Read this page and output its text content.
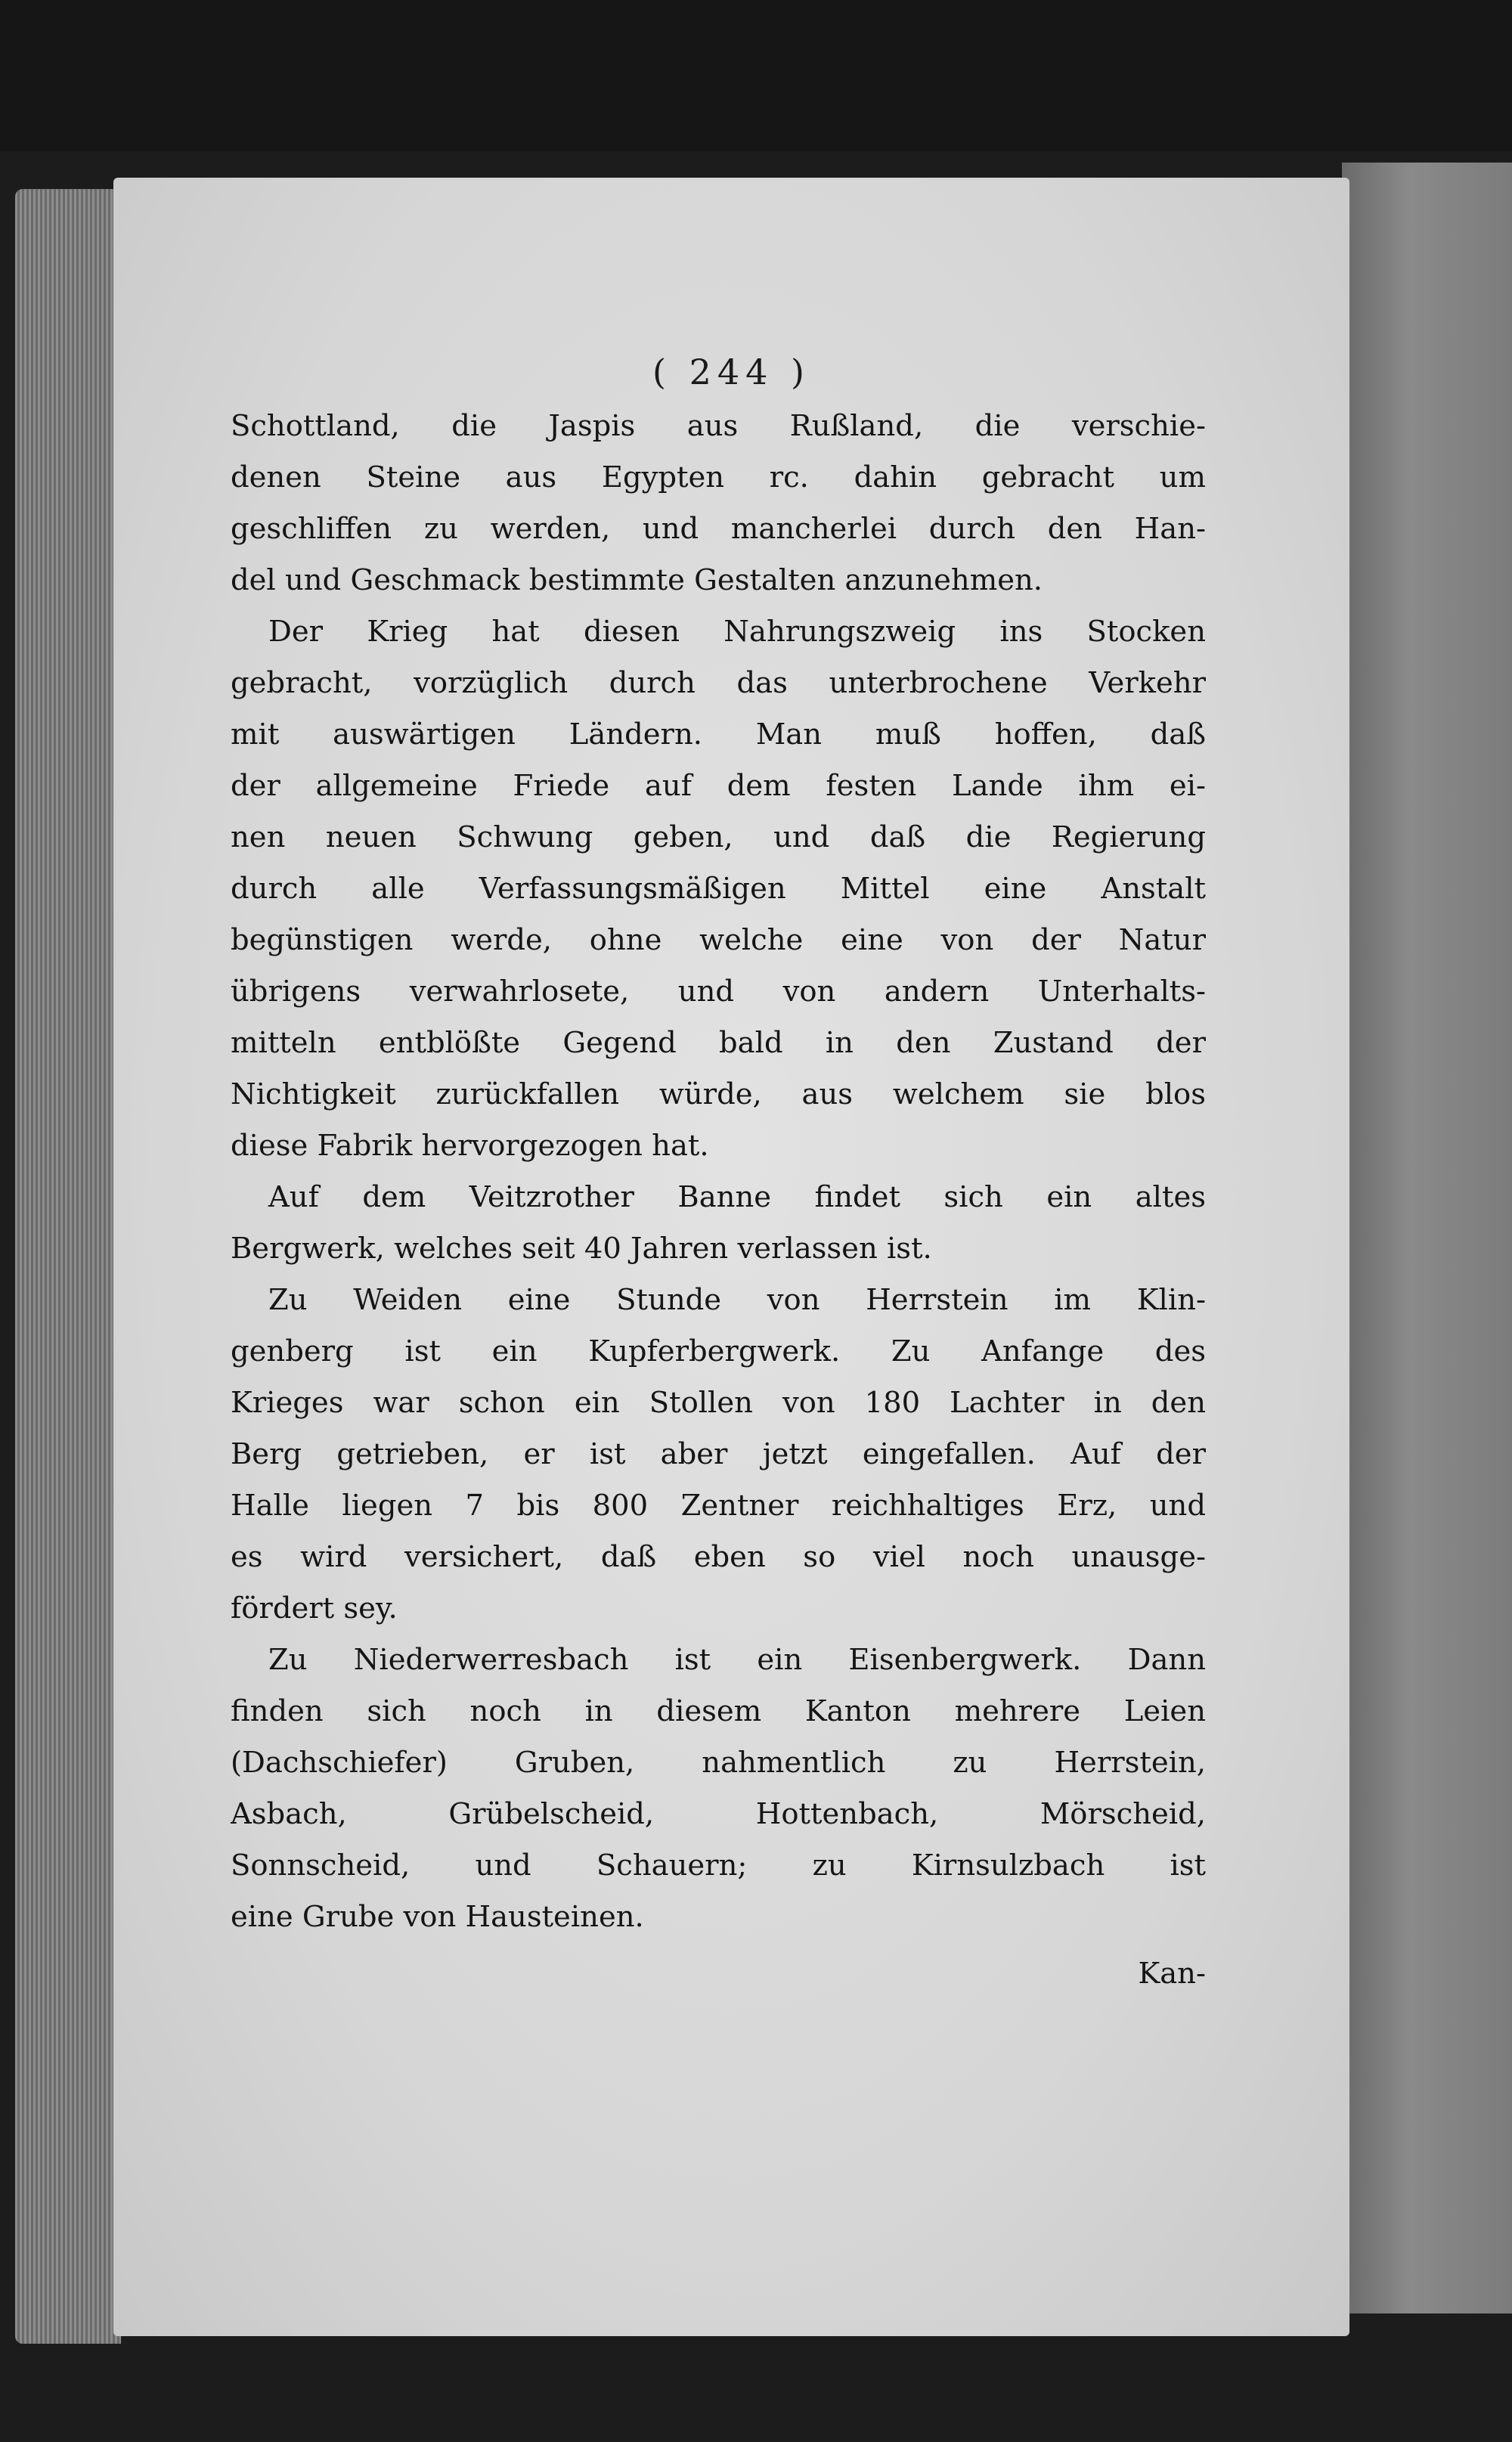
( 244 )
Schottland, die Jaspis aus Rußland, die verschie-
denen Steine aus Egypten rc. dahin gebracht um
geschliffen zu werden, und mancherlei durch den Han-
del und Geschmack bestimmte Gestalten anzunehmen.
Der Krieg hat diesen Nahrungszweig ins Stocken
gebracht, vorzüglich durch das unterbrochene Verkehr
mit auswärtigen Ländern. Man muß hoffen, daß
der allgemeine Friede auf dem festen Lande ihm ei-
nen neuen Schwung geben, und daß die Regierung
durch alle Verfassungsmäßigen Mittel eine Anstalt
begünstigen werde, ohne welche eine von der Natur
übrigens verwahrlosete, und von andern Unterhalts-
mitteln entblößte Gegend bald in den Zustand der
Nichtigkeit zurückfallen würde, aus welchem sie blos
diese Fabrik hervorgezogen hat.
Auf dem Veitzrother Banne findet sich ein altes
Bergwerk, welches seit 40 Jahren verlassen ist.
Zu Weiden eine Stunde von Herrstein im Klin-
genberg ist ein Kupferbergwerk. Zu Anfange des
Krieges war schon ein Stollen von 180 Lachter in den
Berg getrieben, er ist aber jetzt eingefallen. Auf der
Halle liegen 7 bis 800 Zentner reichhaltiges Erz, und
es wird versichert, daß eben so viel noch unausge-
fördert sey.
Zu Niederwerresbach ist ein Eisenbergwerk. Dann
finden sich noch in diesem Kanton mehrere Leien
(Dachschiefer) Gruben, nahmentlich zu Herrstein,
Asbach, Grübelscheid, Hottenbach, Mörscheid,
Sonnscheid, und Schauern; zu Kirnsulzbach ist
eine Grube von Hausteinen.
Kan-
